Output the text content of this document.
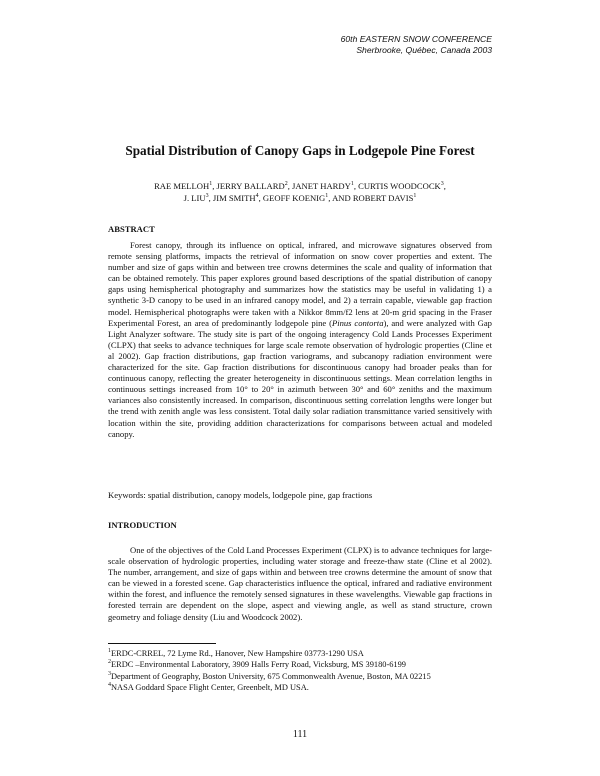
60th EASTERN SNOW CONFERENCE
Sherbrooke, Québec, Canada 2003
Spatial Distribution of Canopy Gaps in Lodgepole Pine Forest
RAE MELLOH$^1$, JERRY BALLARD$^2$, JANET HARDY$^1$, CURTIS WOODCOCK$^3$,
J. LIU$^3$, JIM SMITH$^4$, GEOFF KOENIG$^1$, AND ROBERT DAVIS$^1$
ABSTRACT

Forest canopy, through its influence on optical, infrared, and microwave signatures observed from remote sensing platforms, impacts the retrieval of information on snow cover properties and extent. The number and size of gaps within and between tree crowns determines the scale and quality of information that can be obtained remotely. This paper explores ground based descriptions of the spatial distribution of canopy gaps using hemispherical photography and summarizes how the statistics may be useful in validating 1) a synthetic 3-D canopy to be used in an infrared canopy model, and 2) a terrain capable, viewable gap fraction model. Hemispherical photographs were taken with a Nikkor 8mm/f2 lens at 20-m grid spacing in the Fraser Experimental Forest, an area of predominantly lodgepole pine (Pinus contorta), and were analyzed with Gap Light Analyzer software. The study site is part of the ongoing interagency Cold Lands Processes Experiment (CLPX) that seeks to advance techniques for large scale remote observation of hydrologic properties (Cline et al 2002). Gap fraction distributions, gap fraction variograms, and subcanopy radiation environment were characterized for the site. Gap fraction distributions for discontinuous canopy had broader peaks than for continuous canopy, reflecting the greater heterogeneity in discontinuous settings. Mean correlation lengths in continuous settings increased from 10° to 20° in azimuth between 30° and 60° zeniths and the maximum variances also consistently increased. In comparison, discontinuous setting correlation lengths were longer but the trend with zenith angle was less consistent. Total daily solar radiation transmittance varied sensitively with location within the site, providing addition characterizations for comparisons between actual and modeled canopy.

Keywords: spatial distribution, canopy models, lodgepole pine, gap fractions

INTRODUCTION

One of the objectives of the Cold Land Processes Experiment (CLPX) is to advance techniques for large-scale observation of hydrologic properties, including water storage and freeze-thaw state (Cline et al 2002). The number, arrangement, and size of gaps within and between tree crowns determine the amount of snow that can be viewed in a forested scene. Gap characteristics influence the optical, infrared and radiative environment within the forest, and influence the remotely sensed signatures in these wavelengths. Viewable gap fractions in forested terrain are dependent on the slope, aspect and viewing angle, as well as stand structure, crown geometry and foliage density (Liu and Woodcock 2002).

$^1$ERDC-CRREL, 72 Lyme Rd., Hanover, New Hampshire 03773-1290 USA
$^2$ERDC –Environmental Laboratory, 3909 Halls Ferry Road, Vicksburg, MS 39180-6199
$^3$Department of Geography, Boston University, 675 Commonwealth Avenue, Boston, MA 02215
$^4$NASA Goddard Space Flight Center, Greenbelt, MD USA.
111
